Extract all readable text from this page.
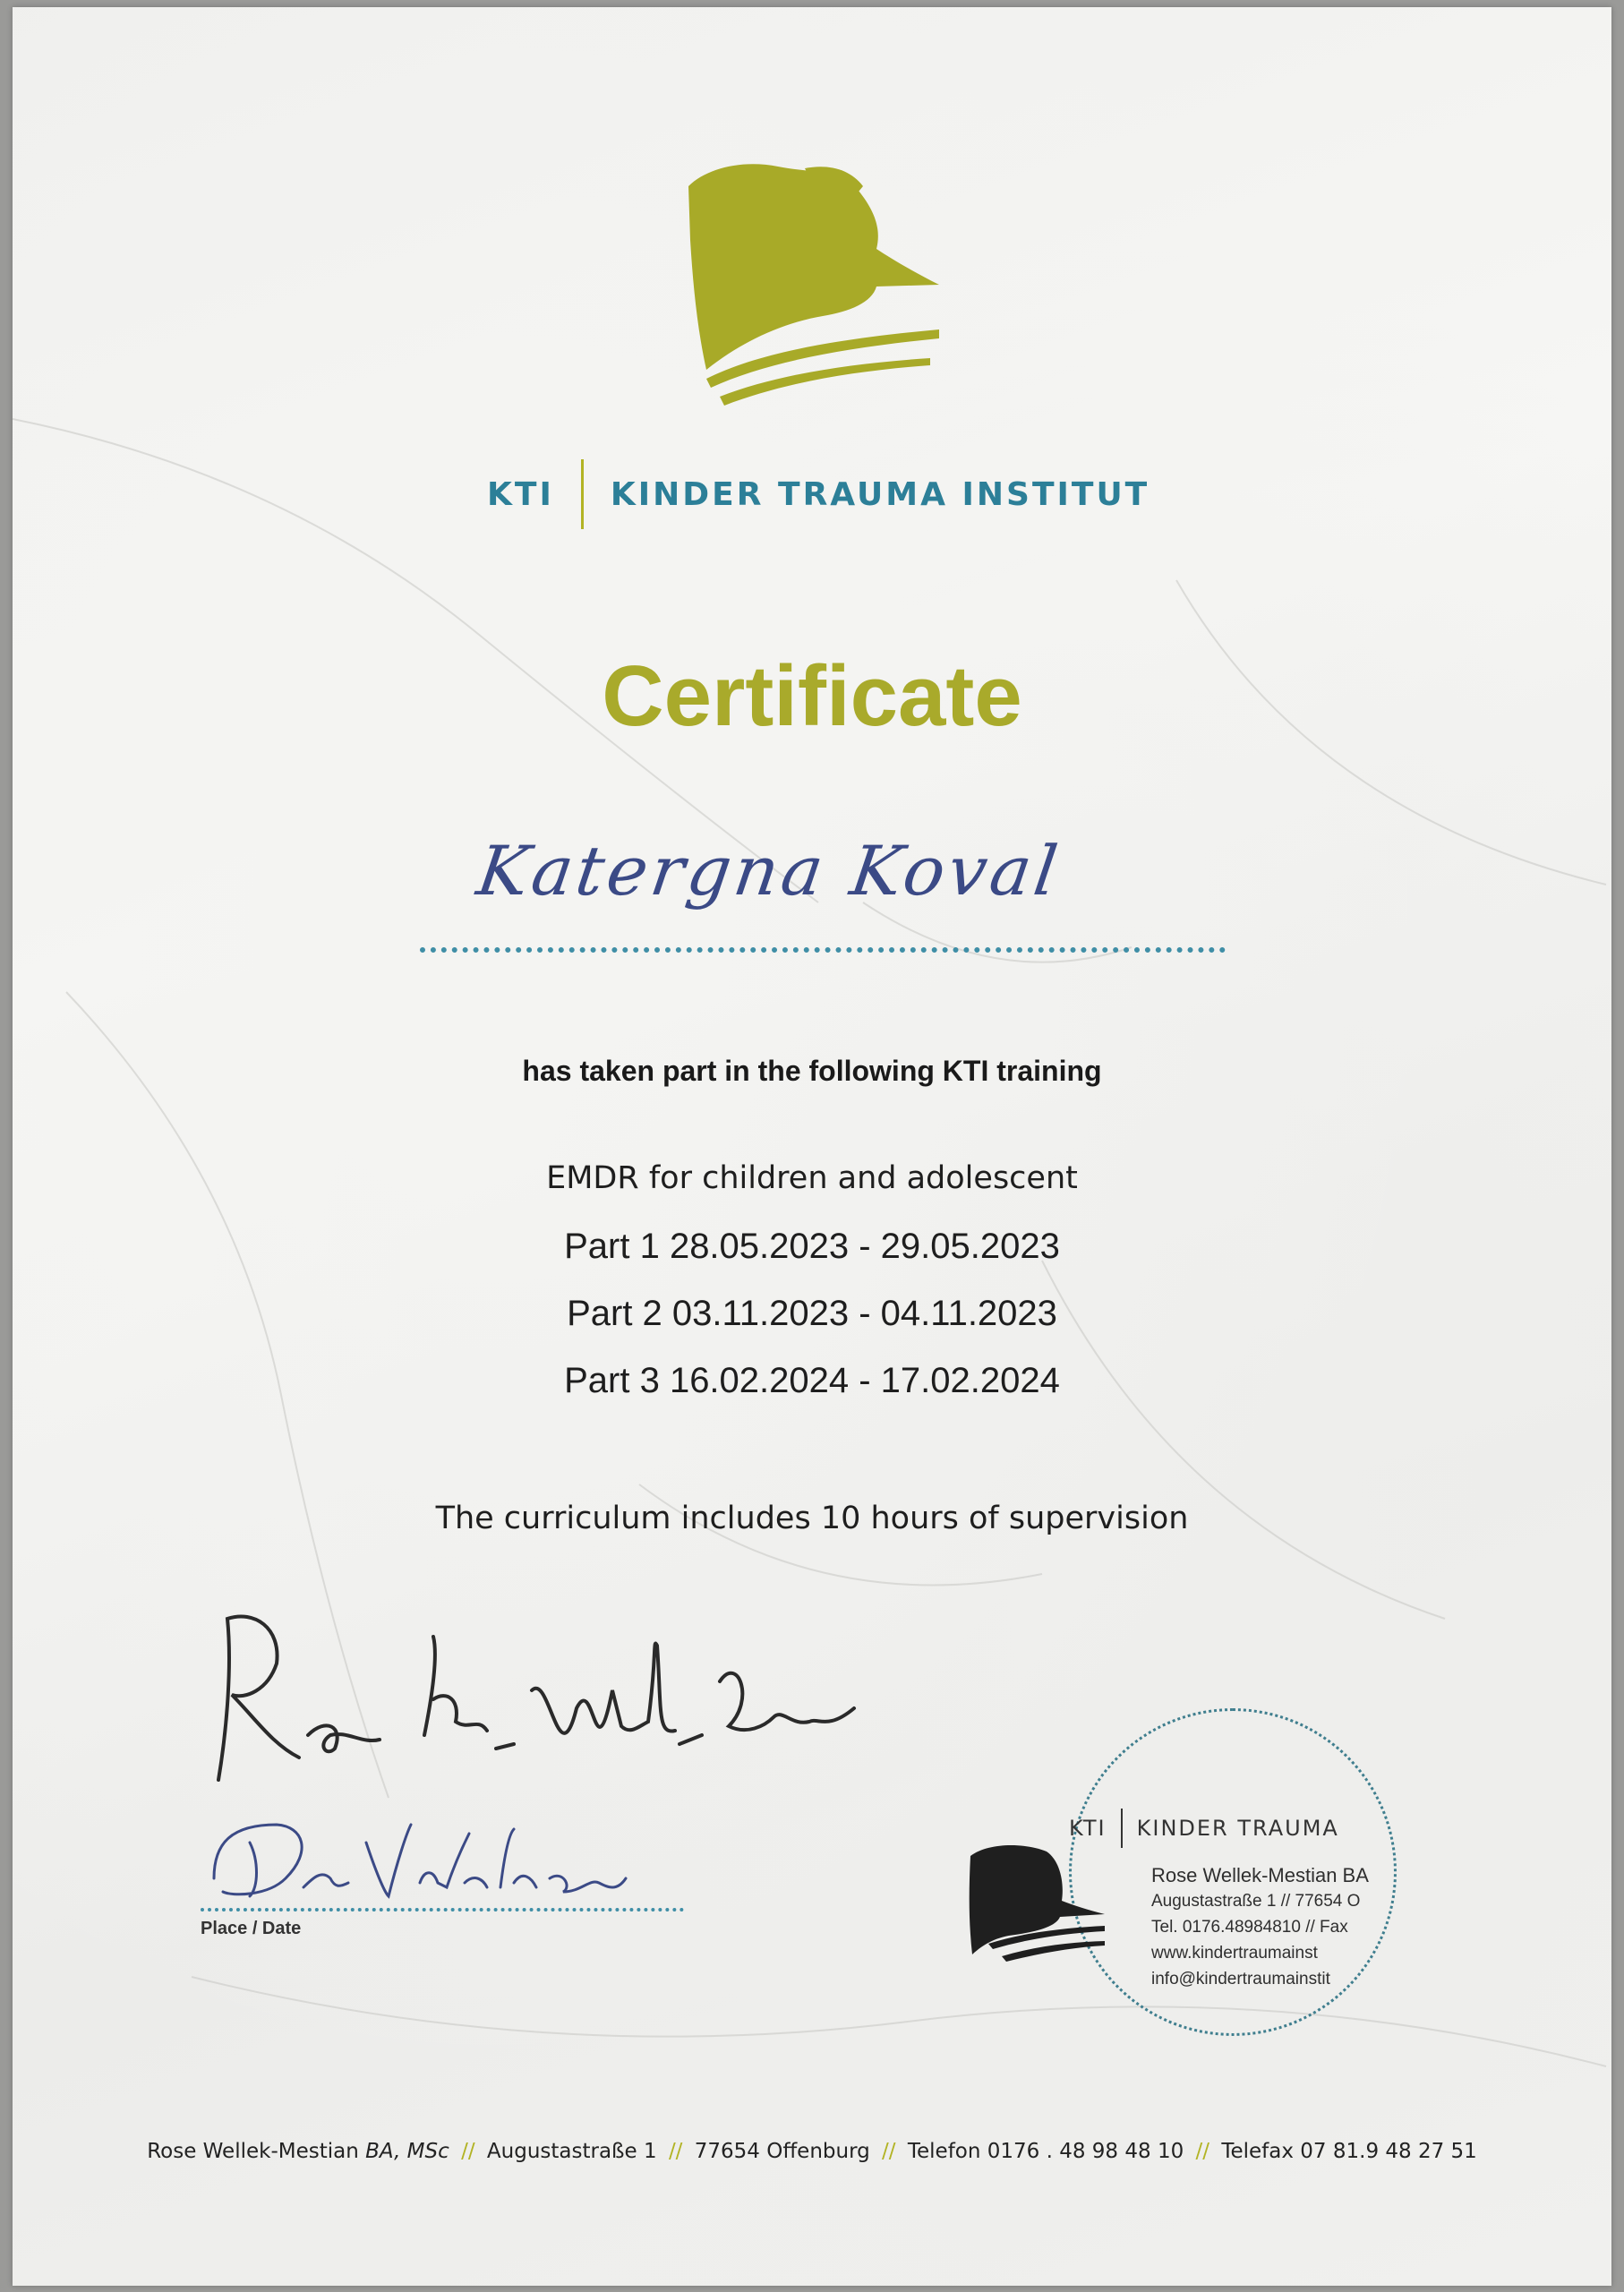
KTI KINDER TRAUMA INSTITUT
Certificate
Katergna Koval
has taken part in the following KTI training
EMDR for children and adolescent
Part 1 28.05.2023 - 29.05.2023
Part 2 03.11.2023 - 04.11.2023
Part 3 16.02.2024 - 17.02.2024
The curriculum includes 10 hours of supervision
Place / Date
KTI KINDER TRAUMA
Rose Wellek-Mestian BA
Augustastraße 1 // 77654 O
Tel. 0176.48984810 // Fax
www.kindertraumainst
info@kindertraumainstit
Rose Wellek-Mestian BA, MSc // Augustastraße 1 // 77654 Offenburg // Telefon 0176 . 48 98 48 10 // Telefax 07 81.9 48 27 51
